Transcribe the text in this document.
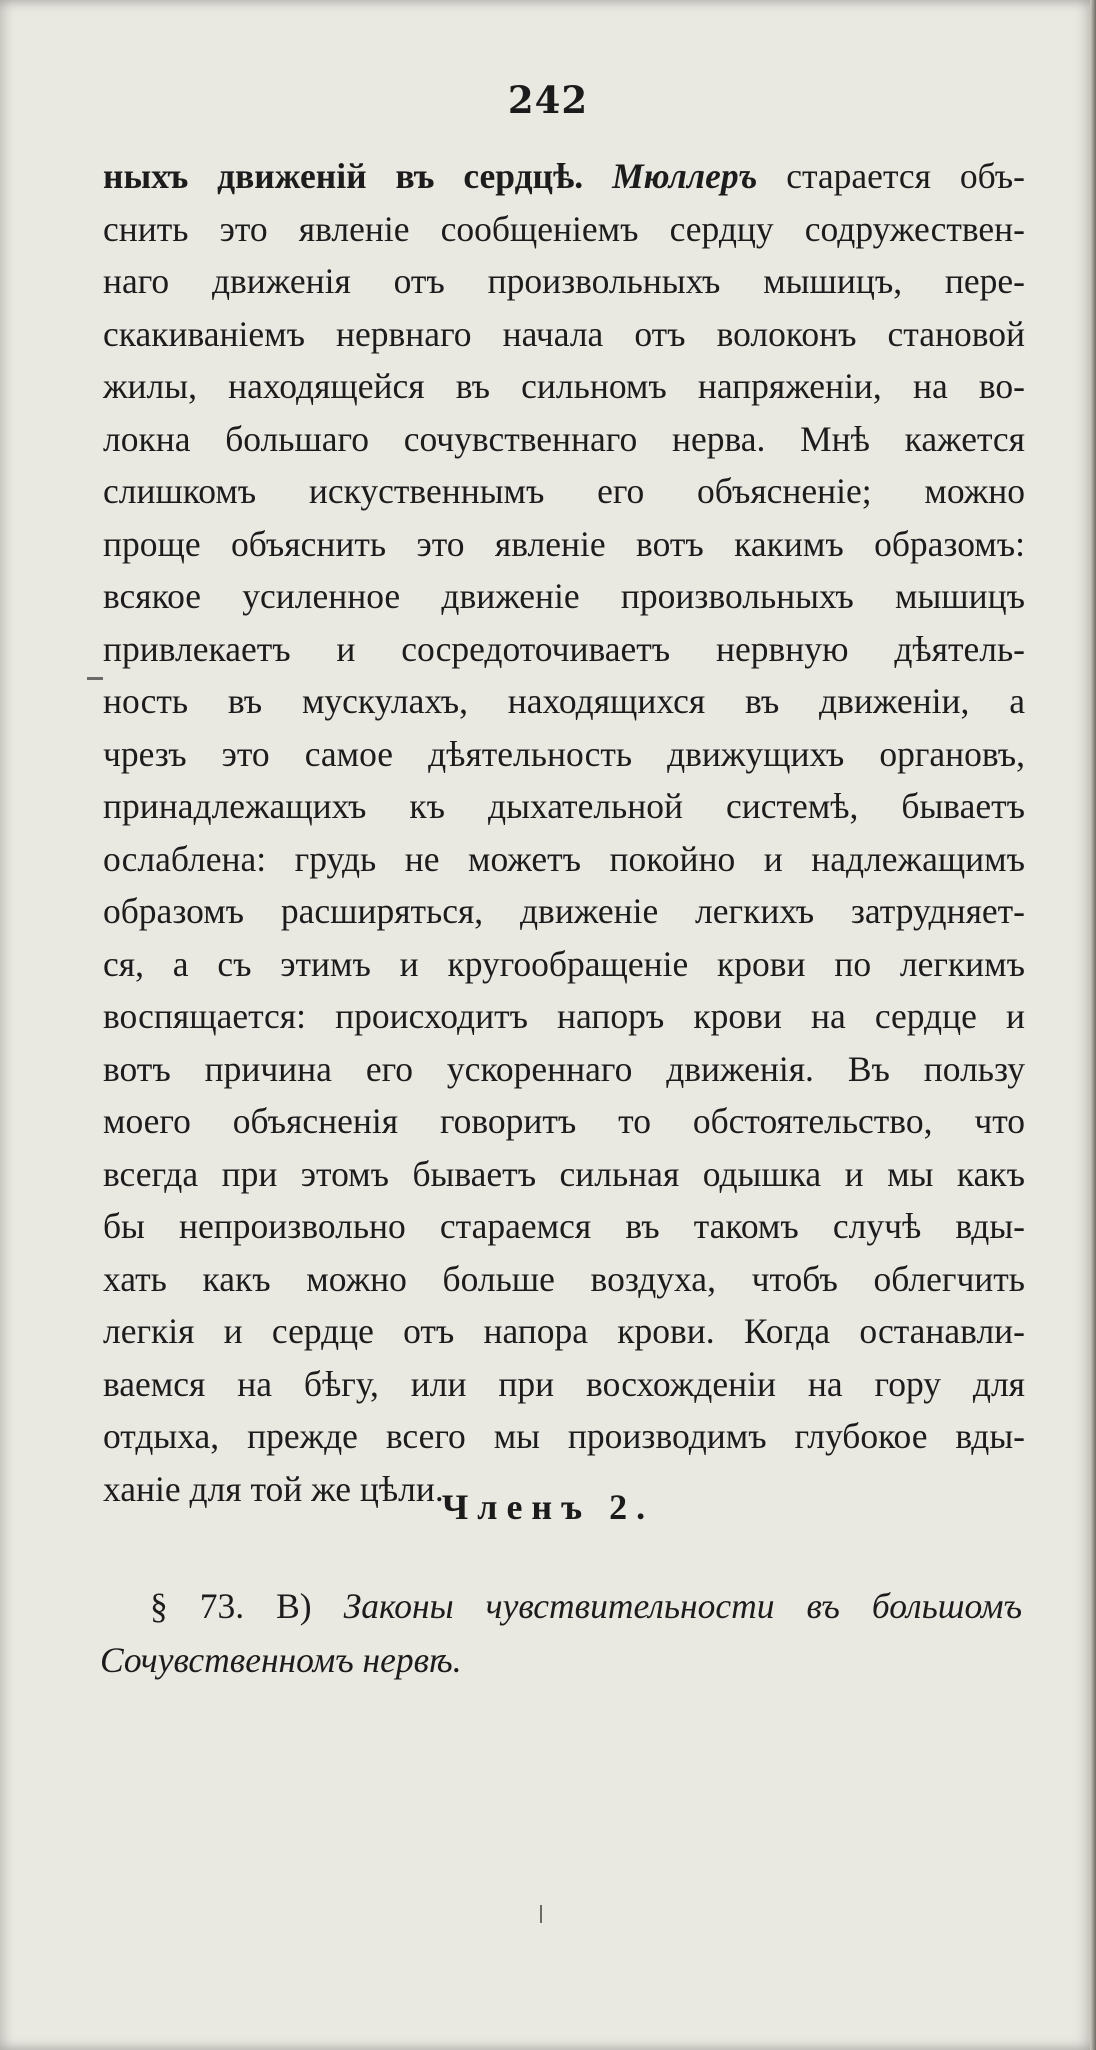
242
ныхъ движенiй въ сердцѣ. Мюллеръ старается объ-
снить это явленiе сообщенiемъ сердцу содружествен-
наго движенiя отъ произвольныхъ мышицъ, пере-
скакиванiемъ нервнаго начала отъ волоконъ становой
жилы, находящейся въ сильномъ напряженiи, на во-
локна большаго сочувственнаго нерва. Мнѣ кажется
слишкомъ искуственнымъ его объясненiе; можно
проще объяснить это явленiе вотъ какимъ образомъ:
всякое усиленное движенiе произвольныхъ мышицъ
привлекаетъ и сосредоточиваетъ нервную дѣятель-
ность въ мускулахъ, находящихся въ движенiи, а
чрезъ это самое дѣятельность движущихъ органовъ,
принадлежащихъ къ дыхательной системѣ, бываетъ
ослаблена: грудь не можетъ покойно и надлежащимъ
образомъ расширяться, движенiе легкихъ затрудняет-
ся, а съ этимъ и кругообращенiе крови по легкимъ
воспящается: происходитъ напоръ крови на сердце и
вотъ причина его ускореннаго движенiя. Въ пользу
моего объясненiя говоритъ то обстоятельство, что
всегда при этомъ бываетъ сильная одышка и мы какъ
бы непроизвольно стараемся въ такомъ случѣ вды-
хать какъ можно больше воздуха, чтобъ облегчить
легкiя и сердце отъ напора крови. Когда останавли-
ваемся на бѣгу, или при восхожденiи на гору для
отдыха, прежде всего мы производимъ глубокое вды-
ханiе для той же цѣли.
Членъ 2.
§ 73. В) Законы чувствительности въ большомъ
Сочувственномъ нервѣ.
